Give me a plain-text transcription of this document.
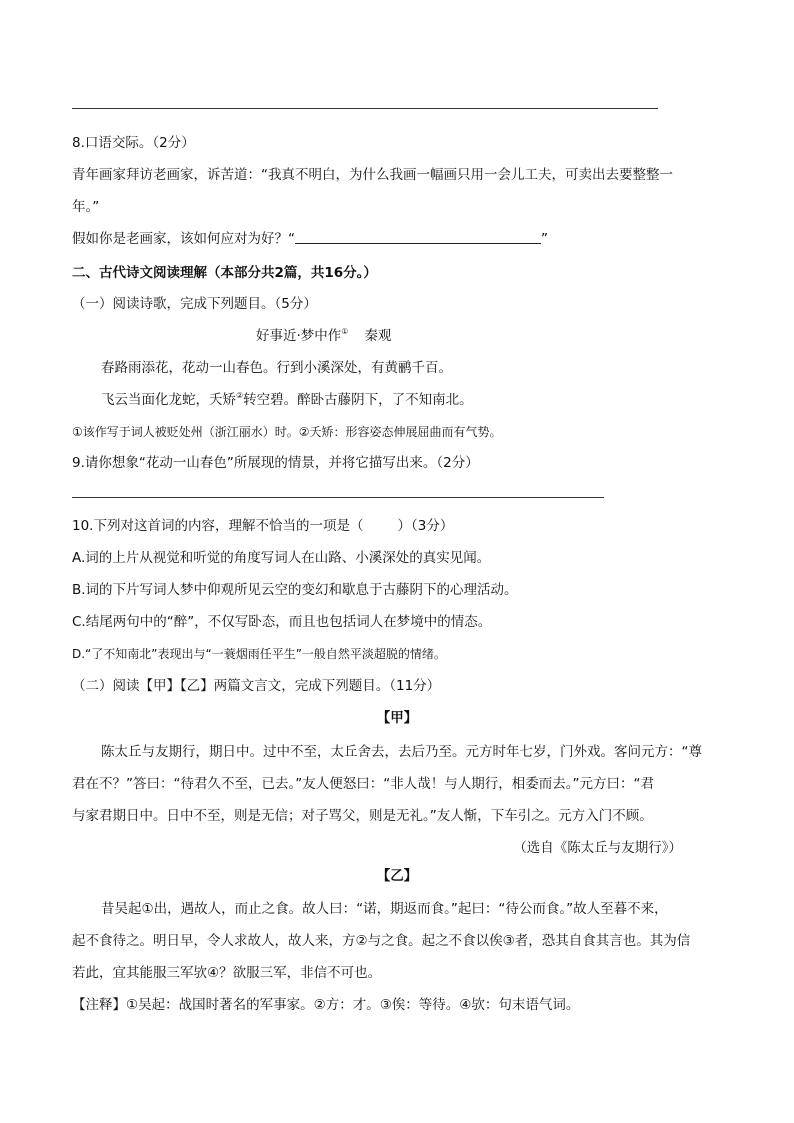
8.口语交际。（2分）
青年画家拜访老画家，诉苦道：“我真不明白，为什么我画一幅画只用一会儿工夫，可卖出去要整整一
年。”
假如你是老画家，该如何应对为好？“	”
二、古代诗文阅读理解（本部分共2篇，共16分。）
（一）阅读诗歌，完成下列题目。（5分）
好事近·梦中作① 秦观
春路雨添花，花动一山春色。行到小溪深处，有黄鹂千百。
飞云当面化龙蛇，夭矫②转空碧。醉卧古藤阴下，了不知南北。
①该作写于词人被贬处州（浙江丽水）时。②夭矫：形容姿态伸展屈曲而有气势。
9.请你想象“花动一山春色”所展现的情景，并将它描写出来。（2分）
10.下列对这首词的内容，理解不恰当的一项是（	）（3分）
A.词的上片从视觉和听觉的角度写词人在山路、小溪深处的真实见闻。
B.词的下片写词人梦中仰观所见云空的变幻和歇息于古藤阴下的心理活动。
C.结尾两句中的“醉”，不仅写卧态，而且也包括词人在梦境中的情态。
D.“了不知南北”表现出与“一蓑烟雨任平生”一般自然平淡超脱的情绪。
（二）阅读【甲】【乙】两篇文言文，完成下列题目。（11分）
【甲】
陈太丘与友期行，期日中。过中不至，太丘舍去，去后乃至。元方时年七岁，门外戏。客问元方：“尊
君在不？”答曰：“待君久不至，已去。”友人便怒曰：“非人哉！与人期行，相委而去。”元方曰：“君
与家君期日中。日中不至，则是无信；对子骂父，则是无礼。”友人惭，下车引之。元方入门不顾。
（选自《陈太丘与友期行》）
【乙】
昔吴起①出，遇故人，而止之食。故人曰：“诺，期返而食。”起曰：“待公而食。”故人至暮不来，
起不食待之。明日早，令人求故人，故人来，方②与之食。起之不食以俟③者，恐其自食其言也。其为信
若此，宜其能服三军欤④？欲服三军，非信不可也。
【注释】①吴起：战国时著名的军事家。②方：才。③俟：等待。④欤：句末语气词。
